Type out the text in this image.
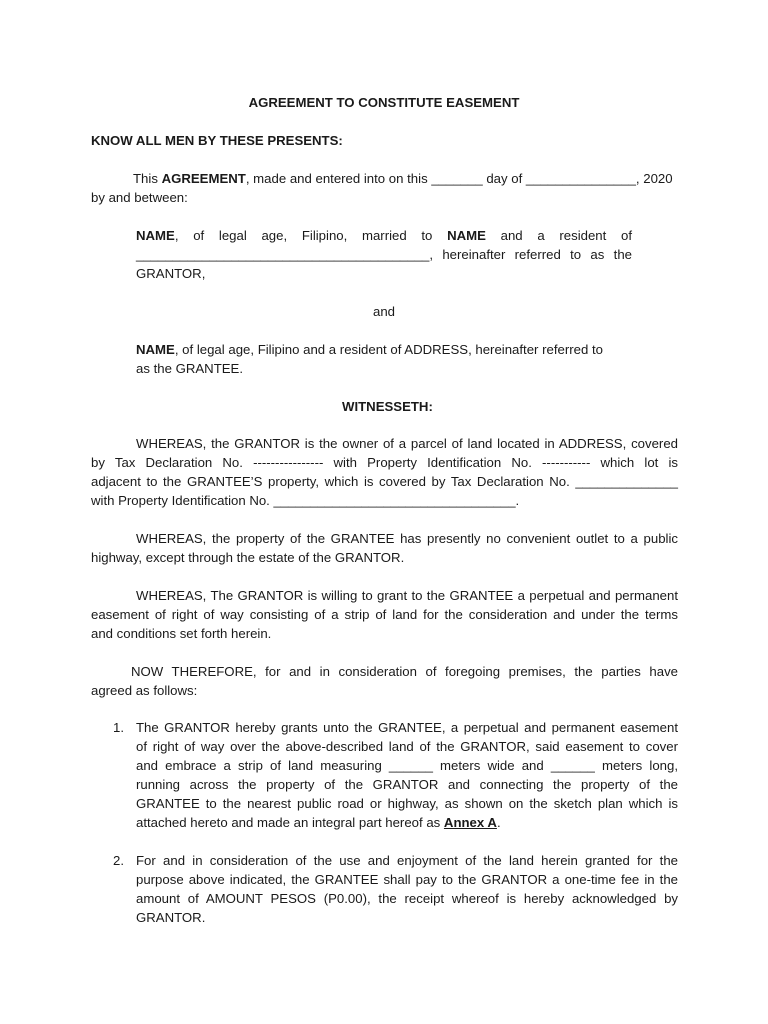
AGREEMENT TO CONSTITUTE EASEMENT
KNOW ALL MEN BY THESE PRESENTS:
This AGREEMENT, made and entered into on this _______ day of _______________, 2020
by and between:
NAME, of legal age, Filipino, married to NAME and a resident of
________________________________________, hereinafter referred to as the
GRANTOR,
and
NAME, of legal age, Filipino and a resident of ADDRESS, hereinafter referred to
as the GRANTEE.
WITNESSETH:
WHEREAS, the GRANTOR is the owner of a parcel of land located in ADDRESS, covered
by Tax Declaration No. ---------------- with Property Identification No. ----------- which lot is
adjacent to the GRANTEE’S property, which is covered by Tax Declaration No. ______________
with Property Identification No. _________________________________.
WHEREAS, the property of the GRANTEE has presently no convenient outlet to a public
highway, except through the estate of the GRANTOR.
WHEREAS, The GRANTOR is willing to grant to the GRANTEE a perpetual and permanent
easement of right of way consisting of a strip of land for the consideration and under the terms
and conditions set forth herein.
NOW THEREFORE, for and in consideration of foregoing premises, the parties have
agreed as follows:
1. The GRANTOR hereby grants unto the GRANTEE, a perpetual and permanent easement
of right of way over the above-described land of the GRANTOR, said easement to cover
and embrace a strip of land measuring ______ meters wide and ______ meters long,
running across the property of the GRANTOR and connecting the property of the
GRANTEE to the nearest public road or highway, as shown on the sketch plan which is
attached hereto and made an integral part hereof as Annex A.
2. For and in consideration of the use and enjoyment of the land herein granted for the
purpose above indicated, the GRANTEE shall pay to the GRANTOR a one-time fee in the
amount of AMOUNT PESOS (P0.00), the receipt whereof is hereby acknowledged by
GRANTOR.
